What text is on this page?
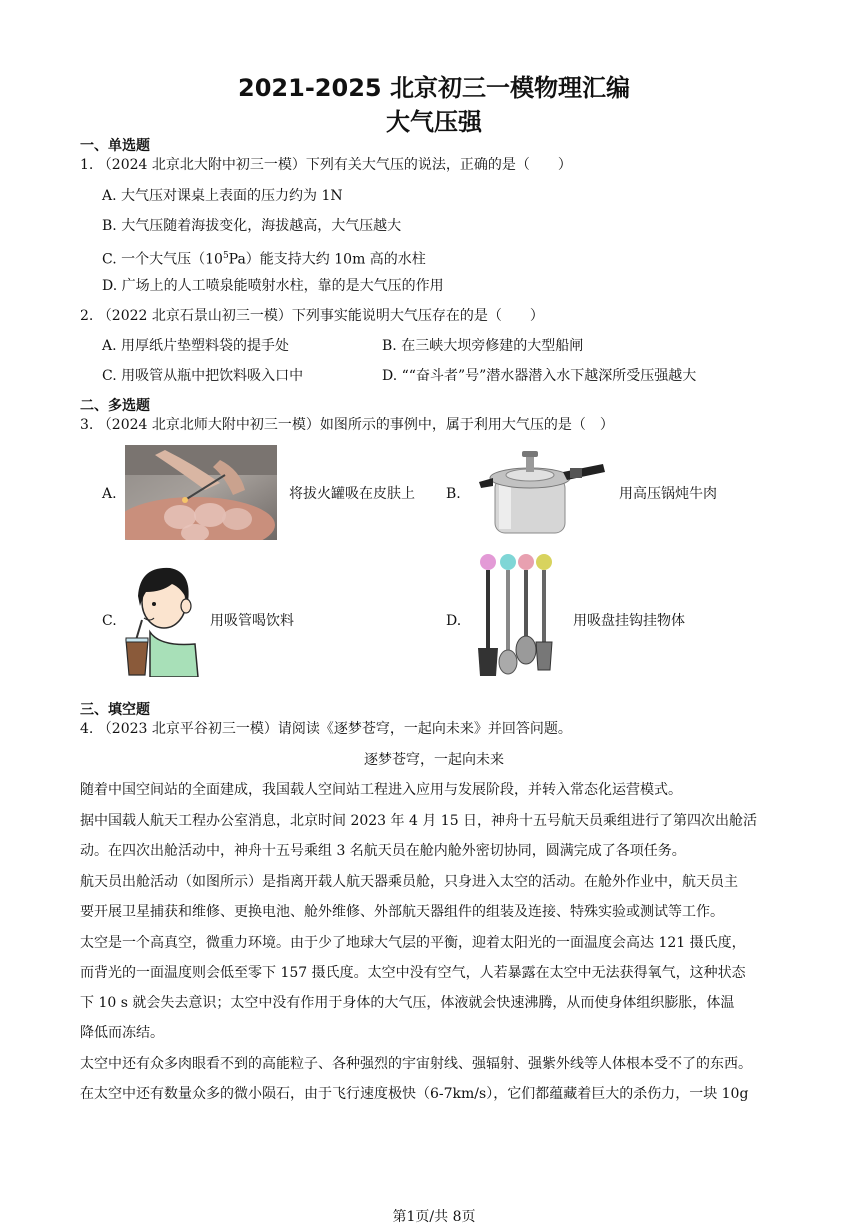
2021-2025 北京初三一模物理汇编
大气压强
一、单选题
1. （2024 北京北大附中初三一模）下列有关大气压的说法，正确的是（　　）
A. 大气压对课桌上表面的压力约为 1N
B. 大气压随着海拔变化，海拔越高，大气压越大
C. 一个大气压$(10^5Pa)$能支持大约 10m 高的水柱
D. 广场上的人工喷泉能喷射水柱，靠的是大气压的作用
2. （2022 北京石景山初三一模）下列事实能说明大气压存在的是（　　）
A. 用厚纸片垫塑料袋的提手处	B. 在三峡大坝旁修建的大型船闸
C. 用吸管从瓶中把饮料吸入口中	D. ““奋斗者”号”潜水器潜入水下越深所受压强越大
二、多选题
3. （2024 北京北师大附中初三一模）如图所示的事例中，属于利用大气压的是（　）
A.	将拔火罐吸在皮肤上 B.	用高压锅炖牛肉
C.	用吸管喝饮料	D.	用吸盘挂钩挂物体
三、填空题
4. （2023 北京平谷初三一模）请阅读《逐梦苍穹，一起向未来》并回答问题。
逐梦苍穹，一起向未来
随着中国空间站的全面建成，我国载人空间站工程进入应用与发展阶段，并转入常态化运营模式。
据中国载人航天工程办公室消息，北京时间 2023 年 4 月 15 日，神舟十五号航天员乘组进行了第四次出舱活
动。在四次出舱活动中，神舟十五号乘组 3 名航天员在舱内舱外密切协同，圆满完成了各项任务。
航天员出舱活动（如图所示）是指离开载人航天器乘员舱，只身进入太空的活动。在舱外作业中，航天员主
要开展卫星捕获和维修、更换电池、舱外维修、外部航天器组件的组装及连接、特殊实验或测试等工作。
太空是一个高真空，微重力环境。由于少了地球大气层的平衡，迎着太阳光的一面温度会高达 121 摄氏度，
而背光的一面温度则会低至零下 157 摄氏度。太空中没有空气，人若暴露在太空中无法获得氧气，这种状态
下 10 s 就会失去意识；太空中没有作用于身体的大气压，体液就会快速沸腾，从而使身体组织膨胀，体温
降低而冻结。
太空中还有众多肉眼看不到的高能粒子、各种强烈的宇宙射线、强辐射、强紫外线等人体根本受不了的东西。
在太空中还有数量众多的微小陨石，由于飞行速度极快（6-7km/s），它们都蕴藏着巨大的杀伤力，一块 10g
第1页/共 8页
